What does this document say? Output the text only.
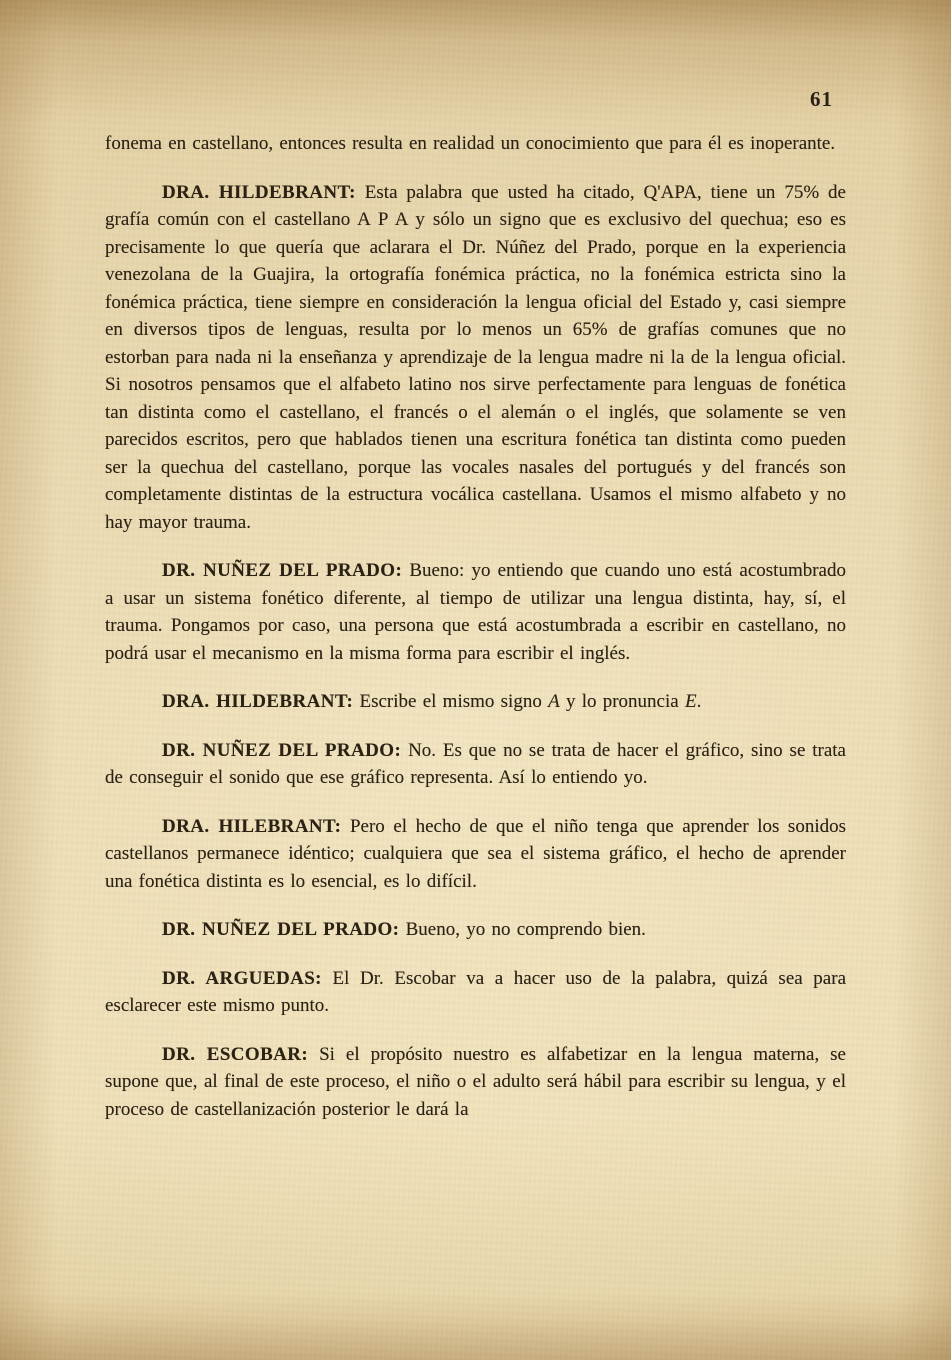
61

fonema en castellano, entonces resulta en realidad un conocimiento que para él es inoperante.

DRA. HILDEBRANT: Esta palabra que usted ha citado, Q'APA, tiene un 75% de grafía común con el castellano A P A y sólo un signo que es exclusivo del quechua; eso es precisamente lo que quería que aclarara el Dr. Núñez del Prado, porque en la experiencia venezolana de la Guajira, la ortografía fonémica práctica, no la fonémica estricta sino la fonémica práctica, tiene siempre en consideración la lengua oficial del Estado y, casi siempre en diversos tipos de lenguas, resulta por lo menos un 65% de grafías comunes que no estorban para nada ni la enseñanza y aprendizaje de la lengua madre ni la de la lengua oficial. Si nosotros pensamos que el alfabeto latino nos sirve perfectamente para lenguas de fonética tan distinta como el castellano, el francés o el alemán o el inglés, que solamente se ven parecidos escritos, pero que hablados tienen una escritura fonética tan distinta como pueden ser la quechua del castellano, porque las vocales nasales del portugués y del francés son completamente distintas de la estructura vocálica castellana. Usamos el mismo alfabeto y no hay mayor trauma.

DR. NUÑEZ DEL PRADO: Bueno: yo entiendo que cuando uno está acostumbrado a usar un sistema fonético diferente, al tiempo de utilizar una lengua distinta, hay, sí, el trauma. Pongamos por caso, una persona que está acostumbrada a escribir en castellano, no podrá usar el mecanismo en la misma forma para escribir el inglés.

DRA. HILDEBRANT: Escribe el mismo signo A y lo pronuncia E.

DR. NUÑEZ DEL PRADO: No. Es que no se trata de hacer el gráfico, sino se trata de conseguir el sonido que ese gráfico representa. Así lo entiendo yo.

DRA. HILEBRANT: Pero el hecho de que el niño tenga que aprender los sonidos castellanos permanece idéntico; cualquiera que sea el sistema gráfico, el hecho de aprender una fonética distinta es lo esencial, es lo difícil.

DR. NUÑEZ DEL PRADO: Bueno, yo no comprendo bien.

DR. ARGUEDAS: El Dr. Escobar va a hacer uso de la palabra, quizá sea para esclarecer este mismo punto.

DR. ESCOBAR: Si el propósito nuestro es alfabetizar en la lengua materna, se supone que, al final de este proceso, el niño o el adulto será hábil para escribir su lengua, y el proceso de castellanización posterior le dará la
